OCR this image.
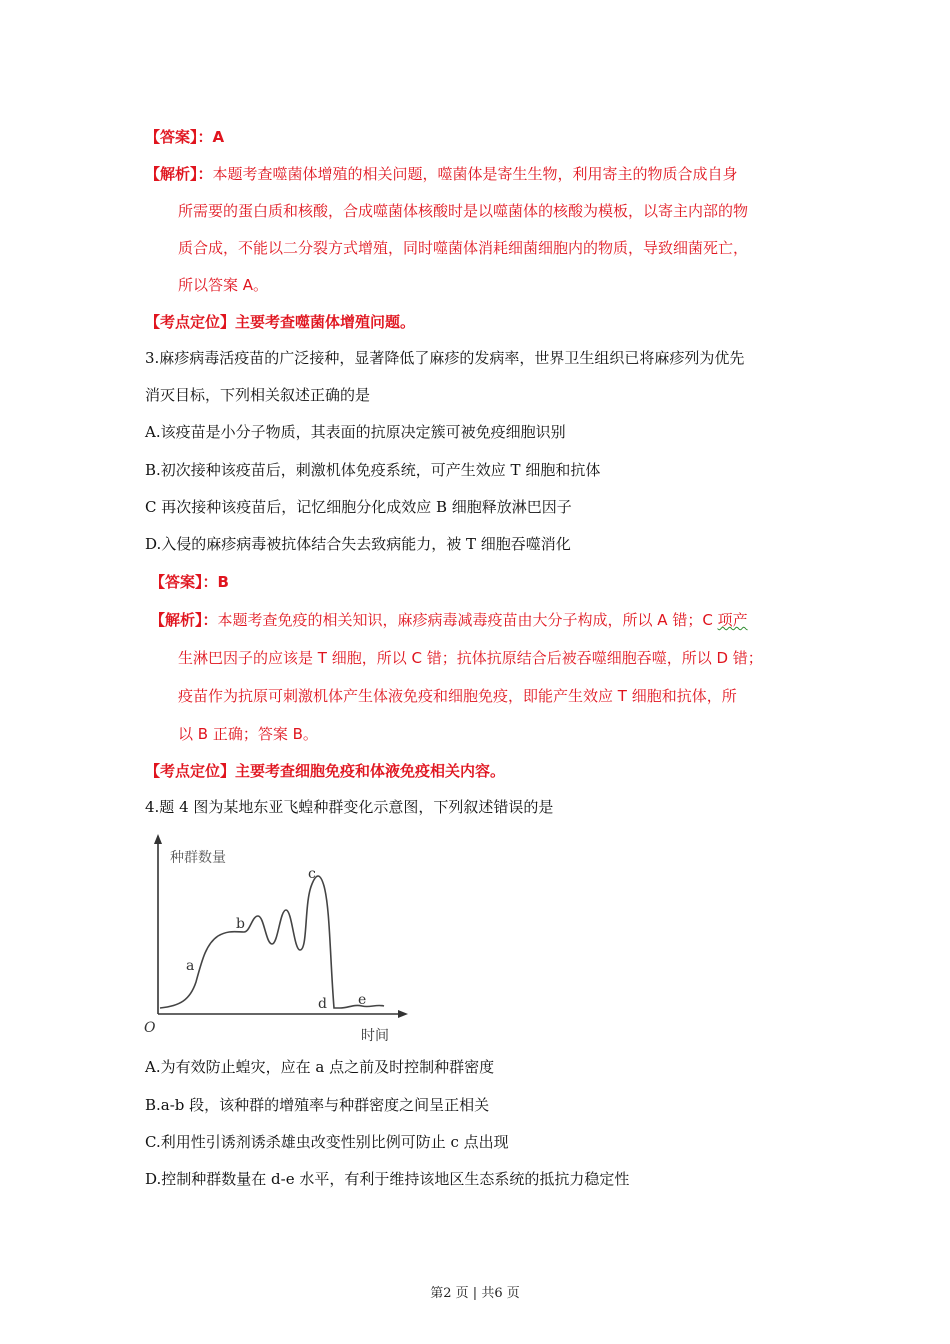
【答案】：A
【解析】：本题考查噬菌体增殖的相关问题，噬菌体是寄生生物，利用寄主的物质合成自身
所需要的蛋白质和核酸，合成噬菌体核酸时是以噬菌体的核酸为模板，以寄主内部的物
质合成，不能以二分裂方式增殖，同时噬菌体消耗细菌细胞内的物质，导致细菌死亡，
所以答案 A。
【考点定位】主要考查噬菌体增殖问题。
3.麻疹病毒活疫苗的广泛接种，显著降低了麻疹的发病率，世界卫生组织已将麻疹列为优先
消灭目标，下列相关叙述正确的是
A.该疫苗是小分子物质，其表面的抗原决定簇可被免疫细胞识别
B.初次接种该疫苗后，刺激机体免疫系统，可产生效应 T 细胞和抗体
C 再次接种该疫苗后，记忆细胞分化成效应 B 细胞释放淋巴因子
D.入侵的麻疹病毒被抗体结合失去致病能力，被 T 细胞吞噬消化
【答案】：B
【解析】：本题考查免疫的相关知识，麻疹病毒减毒疫苗由大分子构成，所以 A 错；C 项产
生淋巴因子的应该是 T 细胞，所以 C 错；抗体抗原结合后被吞噬细胞吞噬，所以 D 错；
疫苗作为抗原可刺激机体产生体液免疫和细胞免疫，即能产生效应 T 细胞和抗体，所
以 B 正确；答案 B。
【考点定位】主要考查细胞免疫和体液免疫相关内容。
4.题 4 图为某地东亚飞蝗种群变化示意图，下列叙述错误的是
种群数量
时间
O
a
b
c
d e
A.为有效防止蝗灾，应在 a 点之前及时控制种群密度
B.a-b 段，该种群的增殖率与种群密度之间呈正相关
C.利用性引诱剂诱杀雄虫改变性别比例可防止 c 点出现
D.控制种群数量在 d-e 水平，有利于维持该地区生态系统的抵抗力稳定性
第2 页 | 共6 页
